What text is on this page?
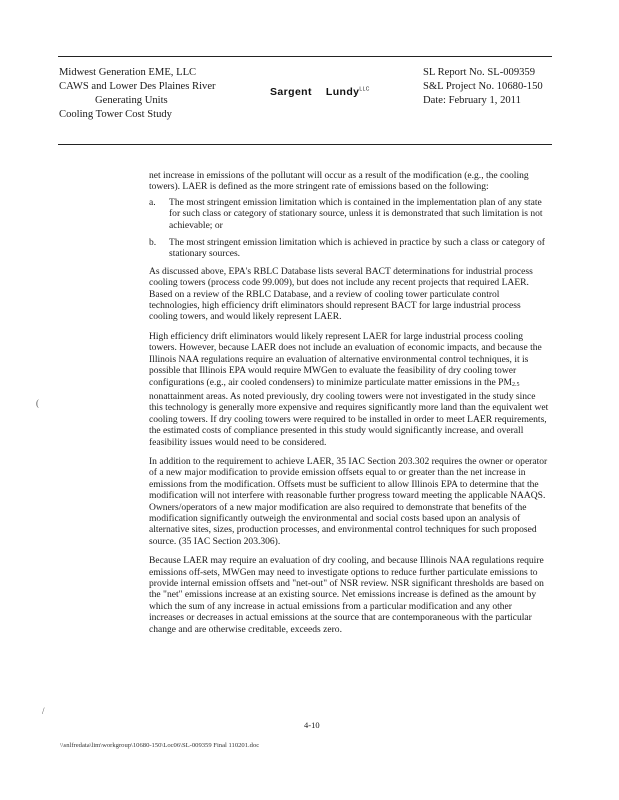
Midwest Generation EME, LLC
CAWS and Lower Des Plaines River
Generating Units
Cooling Tower Cost Study
Sargent Lundy$^{LLC}$
SL Report No. SL-009359
S&L Project No. 10680-150
Date: February 1, 2011

net increase in emissions of the pollutant will occur as a result of the modification (e.g., the cooling towers). LAER is defined as the more stringent rate of emissions based on the following:

a.	The most stringent emission limitation which is contained in the implementation plan of any state for such class or category of stationary source, unless it is demonstrated that such limitation is not achievable; or
b.	The most stringent emission limitation which is achieved in practice by such a class or category of stationary sources.

As discussed above, EPA's RBLC Database lists several BACT determinations for industrial process cooling towers (process code 99.009), but does not include any recent projects that required LAER. Based on a review of the RBLC Database, and a review of cooling tower particulate control technologies, high efficiency drift eliminators should represent BACT for large industrial process cooling towers, and would likely represent LAER.

High efficiency drift eliminators would likely represent LAER for large industrial process cooling towers. However, because LAER does not include an evaluation of economic impacts, and because the Illinois NAA regulations require an evaluation of alternative environmental control techniques, it is possible that Illinois EPA would require MWGen to evaluate the feasibility of dry cooling tower configurations (e.g., air cooled condensers) to minimize particulate matter emissions in the $PM_{2.5}$ nonattainment areas. As noted previously, dry cooling towers were not investigated in the study since this technology is generally more expensive and requires significantly more land than the equivalent wet cooling towers. If dry cooling towers were required to be installed in order to meet LAER requirements, the estimated costs of compliance presented in this study would significantly increase, and overall feasibility issues would need to be considered.

In addition to the requirement to achieve LAER, 35 IAC Section 203.302 requires the owner or operator of a new major modification to provide emission offsets equal to or greater than the net increase in emissions from the modification. Offsets must be sufficient to allow Illinois EPA to determine that the modification will not interfere with reasonable further progress toward meeting the applicable NAAQS. Owners/operators of a new major modification are also required to demonstrate that benefits of the modification significantly outweigh the environmental and social costs based upon an analysis of alternative sites, sizes, production processes, and environmental control techniques for such proposed source. (35 IAC Section 203.306).

Because LAER may require an evaluation of dry cooling, and because Illinois NAA regulations require emissions off-sets, MWGen may need to investigate options to reduce further particulate emissions to provide internal emission offsets and "net-out" of NSR review. NSR significant thresholds are based on the "net" emissions increase at an existing source. Net emissions increase is defined as the amount by which the sum of any increase in actual emissions from a particular modification and any other increases or decreases in actual emissions at the source that are contemporaneous with the particular change and are otherwise creditable, exceeds zero.

(
/
4-10
\\snlfredata\lim\workgroup\10680-150\Loc06\SL-009359 Final 110201.doc
